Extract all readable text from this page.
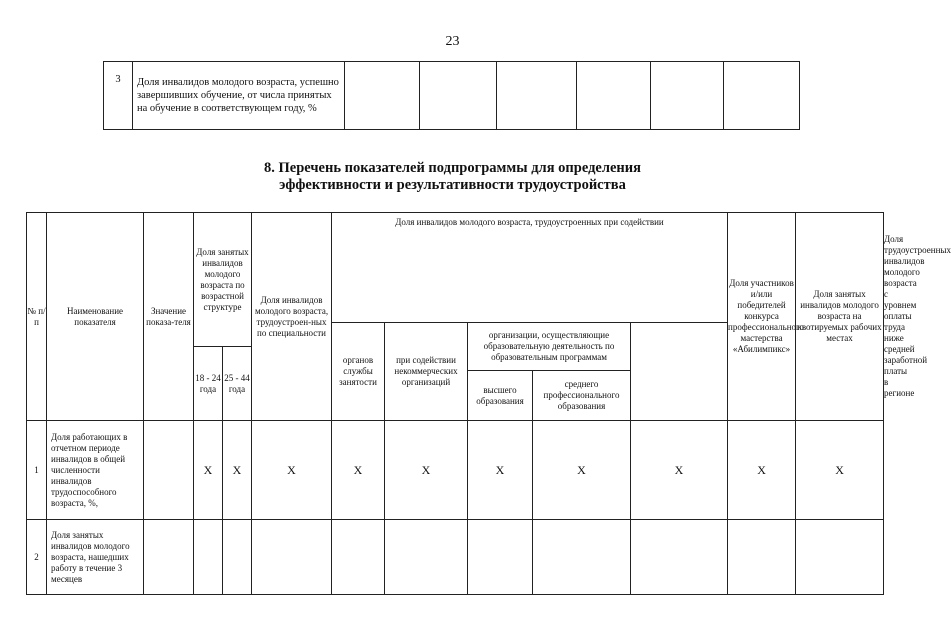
23
3	Доля инвалидов молодого возраста, успешно завершивших обучение, от числа принятых на обучение в соответствующем году, %						
8. Перечень показателей подпрограммы для определения
эффективности и результативности трудоустройства
№ п/п	Наименование показателя	Значение показа-теля	Доля занятых инвалидов молодого возраста по возрастной структуре		Доля инвалидов молодого возраста, трудоустроен-ных по специальности	Доля инвалидов молодого возраста, трудоустроенных при содействии					Доля участников и/или победителей конкурса профессионального мастерства «Абилимпикс»	Доля занятых инвалидов молодого возраста на квотируемых рабочих местах	Доля трудоустроенных инвалидов молодого возраста с уровнем оплаты труда ниже средней заработной платы в регионе
						органов службы занятости	при содействии некоммерческих организаций	организации, осуществляющие образовательную деятельность по образовательным программам					
			18 - 24 года	25 - 44 года									
								высшего образования	среднего профессионального образования				
1	Доля работающих в отчетном периоде инвалидов в общей численности инвалидов трудоспособного возраста, %,		Х	Х	Х	Х	Х	Х	Х	Х	Х	Х	
2	Доля занятых инвалидов молодого возраста, нашедших работу в течение 3 месяцев												
